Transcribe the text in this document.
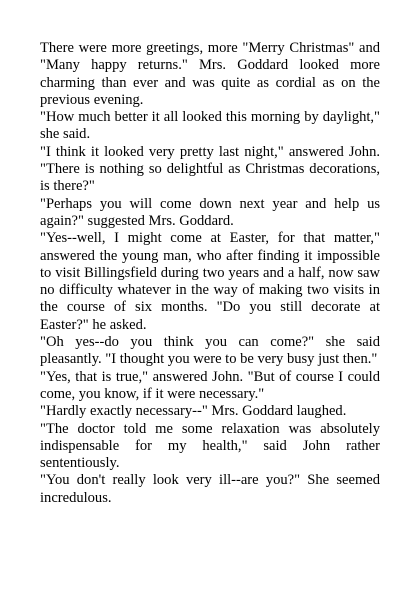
There were more greetings, more "Merry Christmas" and "Many happy returns." Mrs. Goddard looked more charming than ever and was quite as cordial as on the previous evening.

"How much better it all looked this morning by daylight," she said.

"I think it looked very pretty last night," answered John. "There is nothing so delightful as Christmas decorations, is there?"

"Perhaps you will come down next year and help us again?" suggested Mrs. Goddard.

"Yes--well, I might come at Easter, for that matter," answered the young man, who after finding it impossible to visit Billingsfield during two years and a half, now saw no difficulty whatever in the way of making two visits in the course of six months. "Do you still decorate at Easter?" he asked.

"Oh yes--do you think you can come?" she said pleasantly. "I thought you were to be very busy just then."

"Yes, that is true," answered John. "But of course I could come, you know, if it were necessary."

"Hardly exactly necessary--" Mrs. Goddard laughed.

"The doctor told me some relaxation was absolutely indispensable for my health," said John rather sententiously.

"You don't really look very ill--are you?" She seemed incredulous.
